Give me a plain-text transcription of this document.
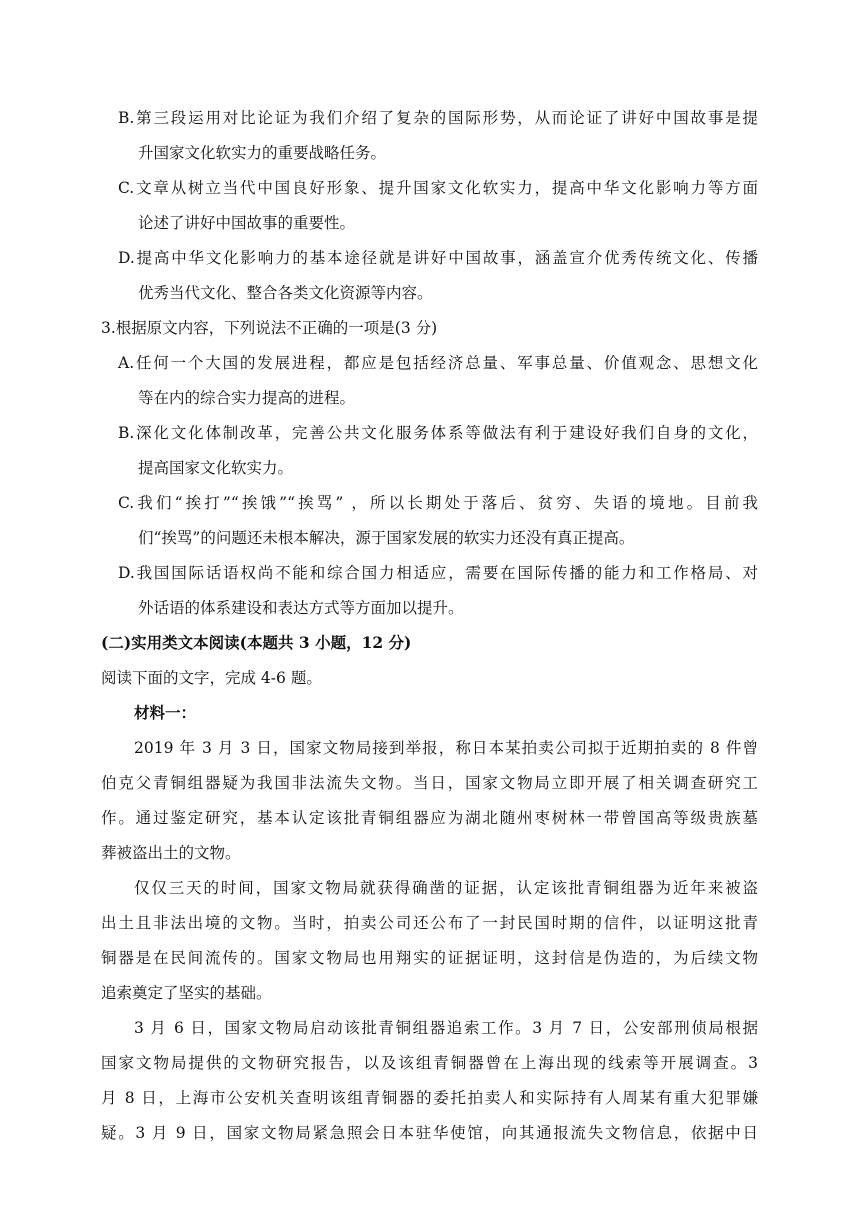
B.第三段运用对比论证为我们介绍了复杂的国际形势，从而论证了讲好中国故事是提
升国家文化软实力的重要战略任务。
C.文章从树立当代中国良好形象、提升国家文化软实力，提高中华文化影响力等方面
论述了讲好中国故事的重要性。
D.提高中华文化影响力的基本途径就是讲好中国故事，涵盖宣介优秀传统文化、传播
优秀当代文化、整合各类文化资源等内容。
3.根据原文内容，下列说法不正确的一项是(3 分)
A.任何一个大国的发展进程，都应是包括经济总量、军事总量、价值观念、思想文化
等在内的综合实力提高的进程。
B.深化文化体制改革，完善公共文化服务体系等做法有利于建设好我们自身的文化，
提高国家文化软实力。
C.我们“挨打”“挨饿”“挨骂” ，所以长期处于落后、贫穷、失语的境地。目前我
们“挨骂”的问题还未根本解决，源于国家发展的软实力还没有真正提高。
D.我国国际话语权尚不能和综合国力相适应，需要在国际传播的能力和工作格局、对
外话语的体系建设和表达方式等方面加以提升。
(二)实用类文本阅读(本题共 3 小题，12 分)
阅读下面的文字，完成 4-6 题。
材料一：
2019 年 3 月 3 日，国家文物局接到举报，称日本某拍卖公司拟于近期拍卖的 8 件曾
伯克父青铜组器疑为我国非法流失文物。当日，国家文物局立即开展了相关调查研究工
作。通过鉴定研究，基本认定该批青铜组器应为湖北随州枣树林一带曾国高等级贵族墓
葬被盗出土的文物。
仅仅三天的时间，国家文物局就获得确凿的证据，认定该批青铜组器为近年来被盗
出土且非法出境的文物。当时，拍卖公司还公布了一封民国时期的信件，以证明这批青
铜器是在民间流传的。国家文物局也用翔实的证据证明，这封信是伪造的，为后续文物
追索奠定了坚实的基础。
3 月 6 日，国家文物局启动该批青铜组器追索工作。3 月 7 日，公安部刑侦局根据
国家文物局提供的文物研究报告，以及该组青铜器曾在上海出现的线索等开展调查。3
月 8 日，上海市公安机关查明该组青铜器的委托拍卖人和实际持有人周某有重大犯罪嫌
疑。3 月 9 日，国家文物局紧急照会日本驻华使馆，向其通报流失文物信息，依据中日
